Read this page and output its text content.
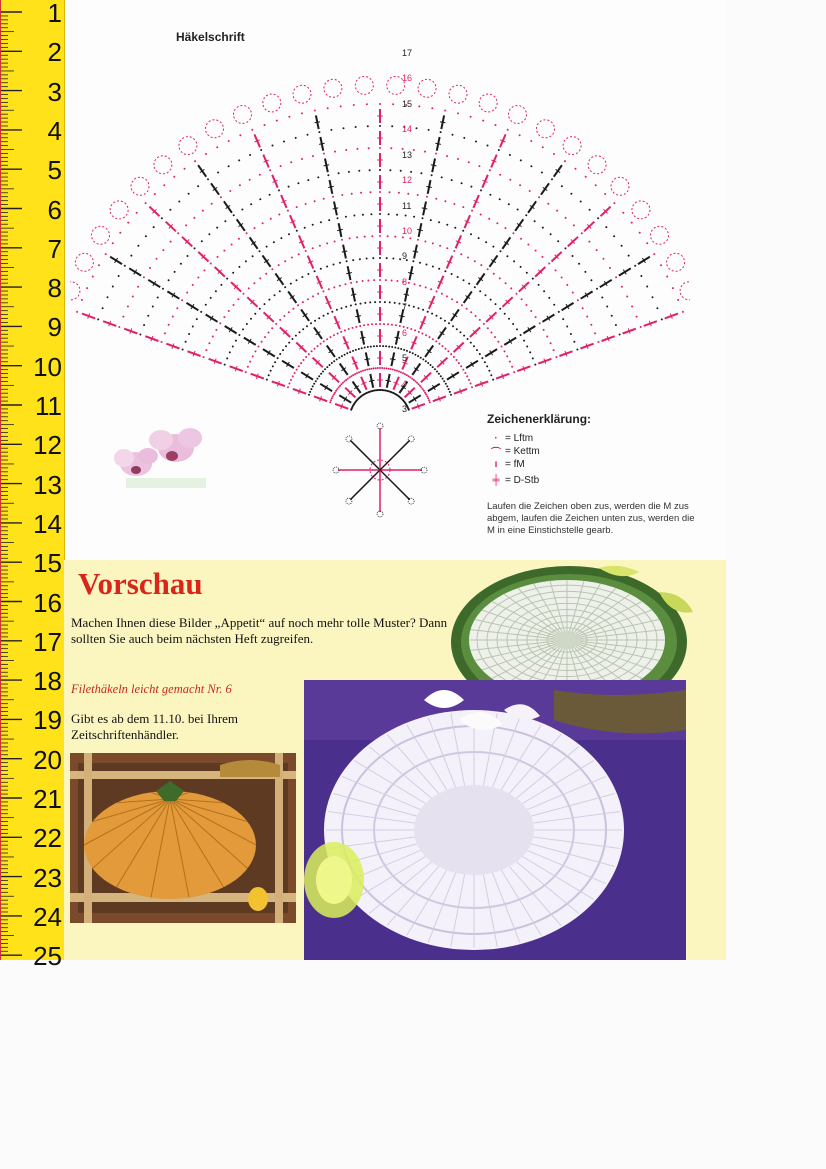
1
2
3
4
5
6
7
8
9
10
11
12
13
14
15
16
17
18
19
20
21
22
23
24
25
Häkelschrift
17
16
15
14
13
12
11
10
9
8
7
6
5
4
3
Zeichenerklärung:
· = Lftm
⌒ = Kettm
ı = fM
╪ = D-Stb
Laufen die Zeichen oben zus, werden die M zus abgem, laufen die Zeichen unten zus, werden die M in eine Einstichstelle gearb.
Vorschau
Machen Ihnen diese Bilder „Appetit“ auf noch mehr tolle Muster? Dann sollten Sie auch beim nächsten Heft zugreifen.
Filethäkeln leicht gemacht Nr. 6
Gibt es ab dem 11.10. bei Ihrem Zeitschriftenhändler.
